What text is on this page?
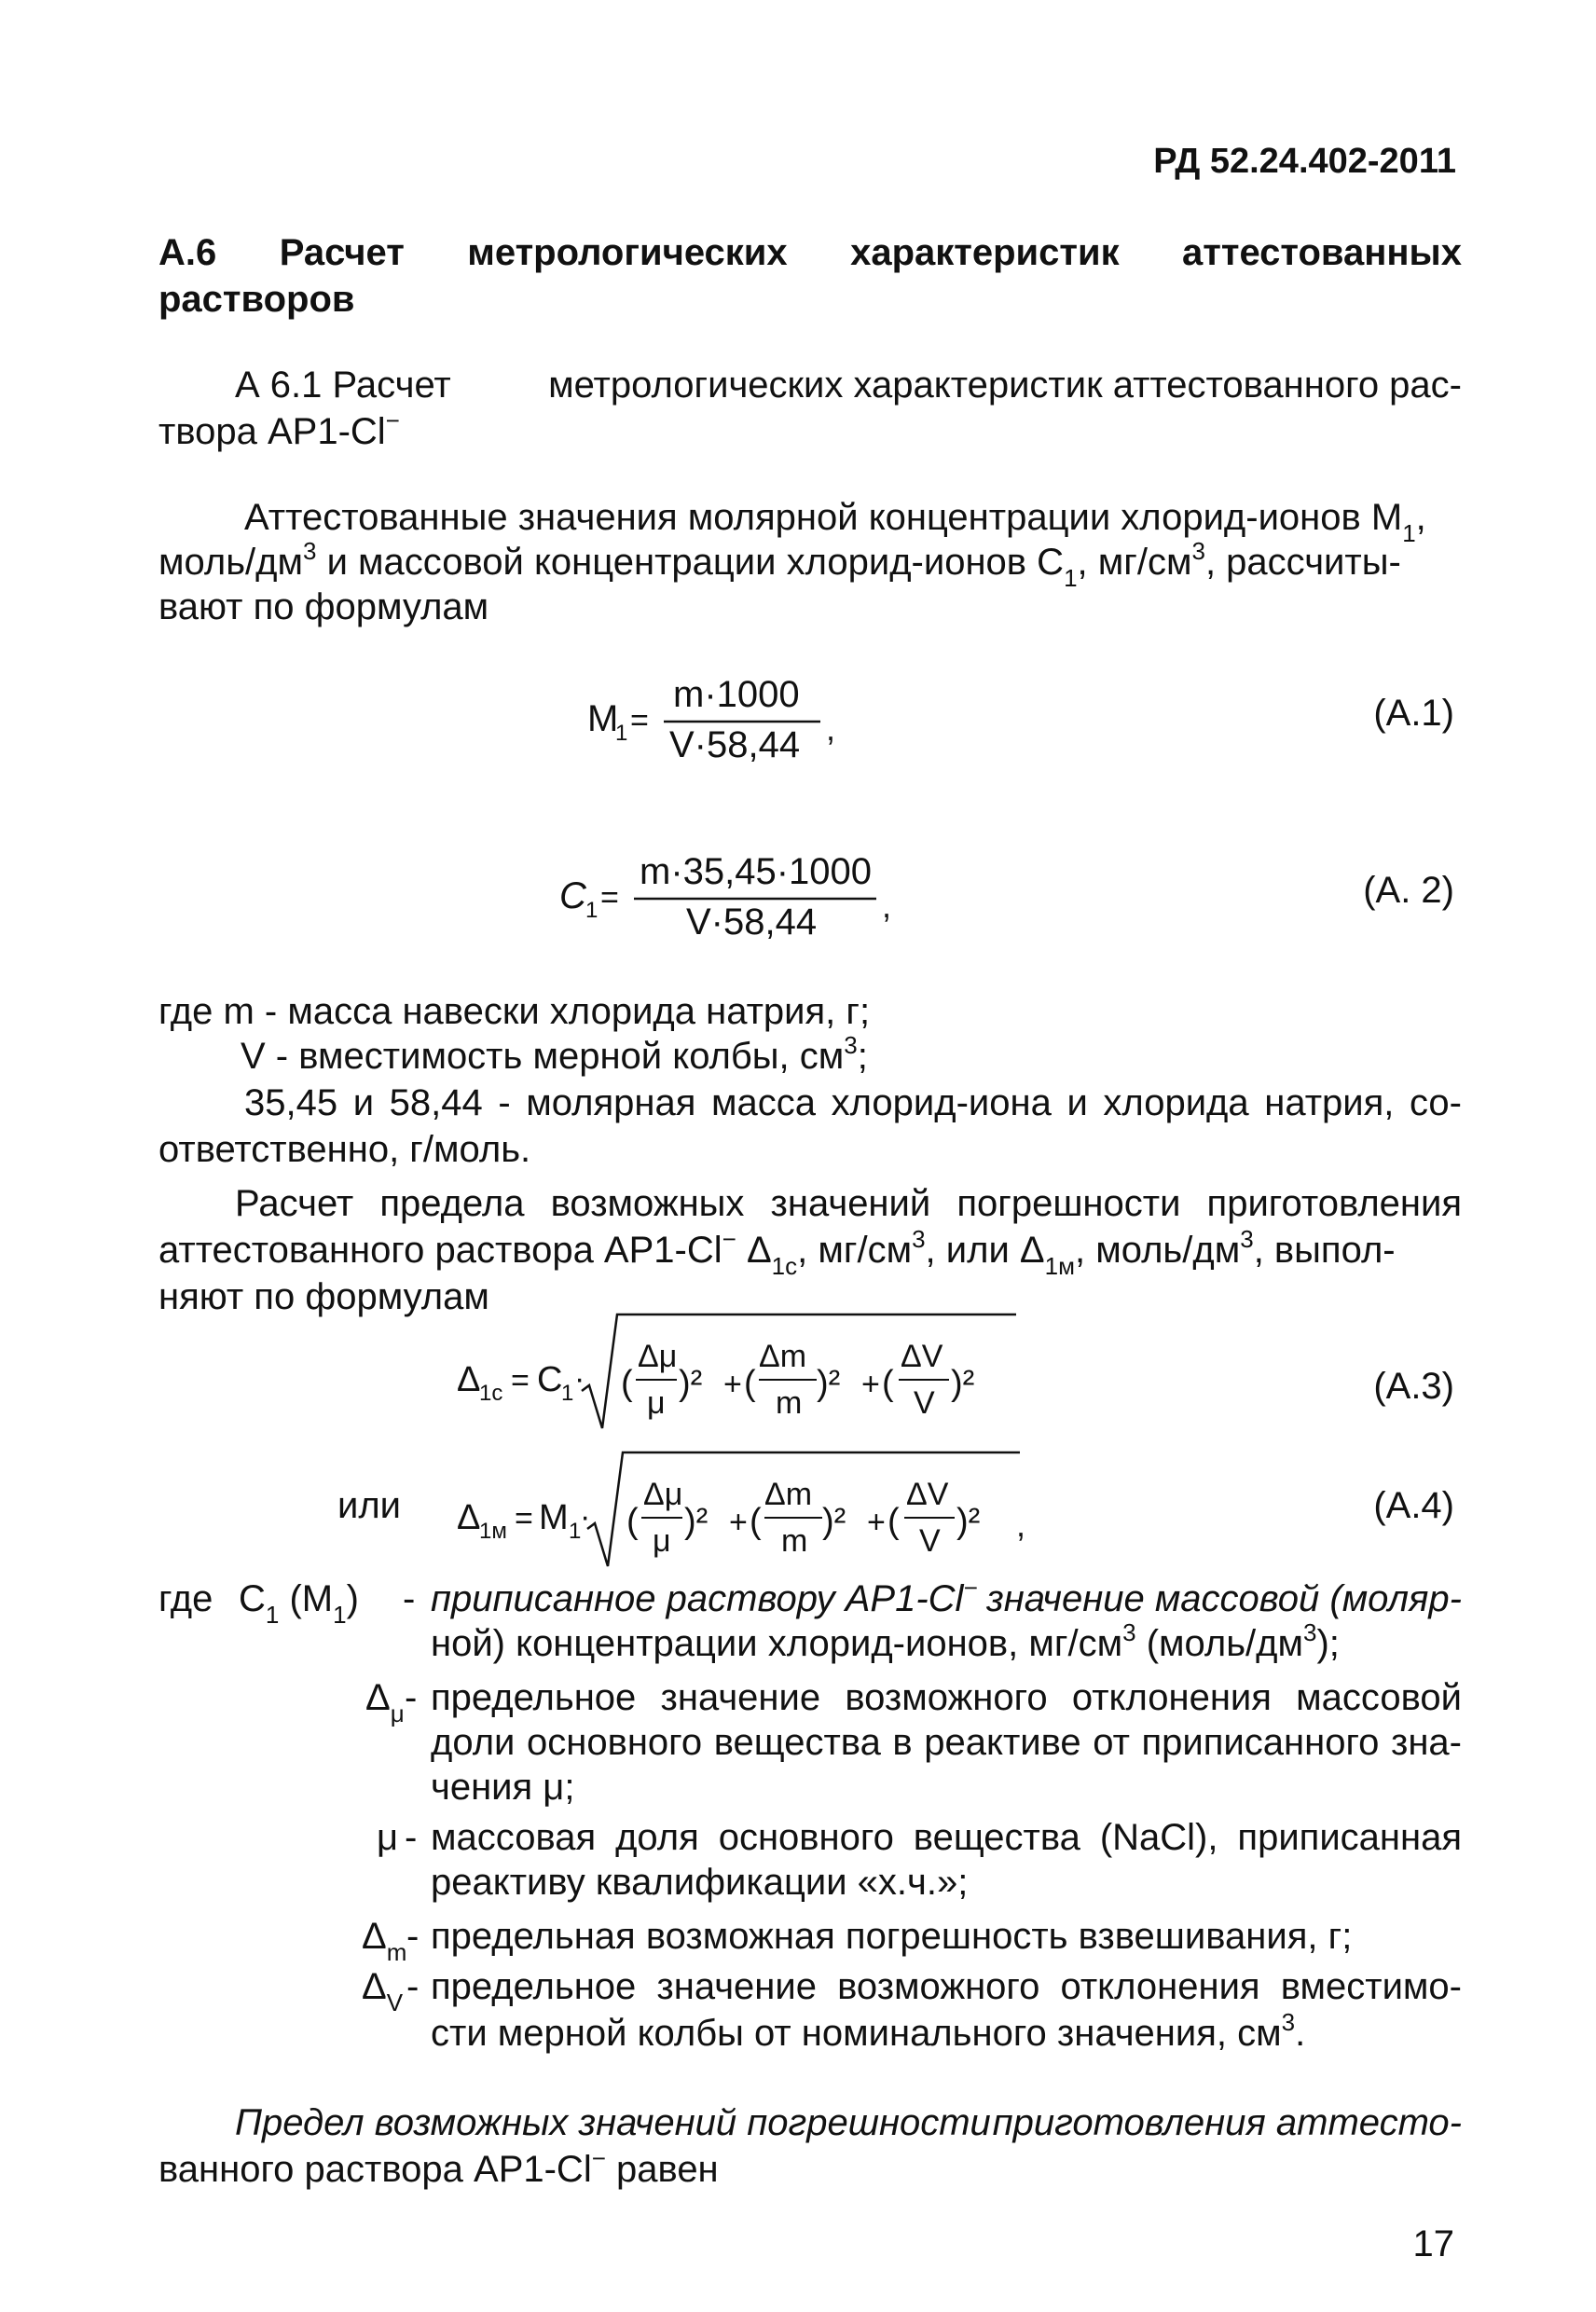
РД 52.24.402-2011
А.6 Расчет метрологических характеристик аттестованных
растворов
А 6.1 Расчет	метрологических характеристик аттестованного рас-
твора АР1-Cl−
Аттестованные значения молярной концентрации хлорид-ионов $M_1$,
моль/$дм^3$ и массовой концентрации хлорид-ионов $C_1$, $мг/см^3$, рассчиты-
вают по формулам
M
1 =
m·1000
V·58,44 ,	(А.1)
C 1 =
m·35,45·1000
V·58,44 ,	(А. 2)
где m - масса навески хлорида натрия, г;
V - вместимость мерной колбы, $см^3$;
35,45 и 58,44 - молярная масса хлорид-иона и хлорида натрия, со-
ответственно, г/моль.
Расчет предела возможных значений погрешности приготовления
аттестованного раствора АР1-Cl− $\Delta_{1c}$, $мг/см^3$, или $\Delta_{1м}$, моль/$дм^3$, выпол-
няют по формулам
Δ
1c = C
1 · (
Δμ
μ )² + (
Δm
m )² + (
ΔV
V )²	(А.3)
или Δ
1м = M 1
· (
Δμ
μ )² + (
Δm
m )² + (
ΔV
V )² ,	(А.4)
где $C_1$ $(M_1)$ - приписанное раствору АР1-Cl− значение массовой (моляр-
ной) концентрации хлорид-ионов, $мг/см^3$ $(моль/дм^3)$;
$\Delta_\mu$ - предельное значение возможного отклонения массовой
доли основного вещества в реактиве от приписанного зна-
чения μ;
μ - массовая доля основного вещества (NaCl), приписанная
реактиву квалификации «х.ч.»;
$\Delta_m$ - предельная возможная погрешность взвешивания, г;
$\Delta_V$ - предельное значение возможного отклонения вместимо-
сти мерной колбы от номинального значения, $см^3$.
Предел возможных значений погрешности приготовления аттесто-
ванного раствора АР1-Cl− равен
17
